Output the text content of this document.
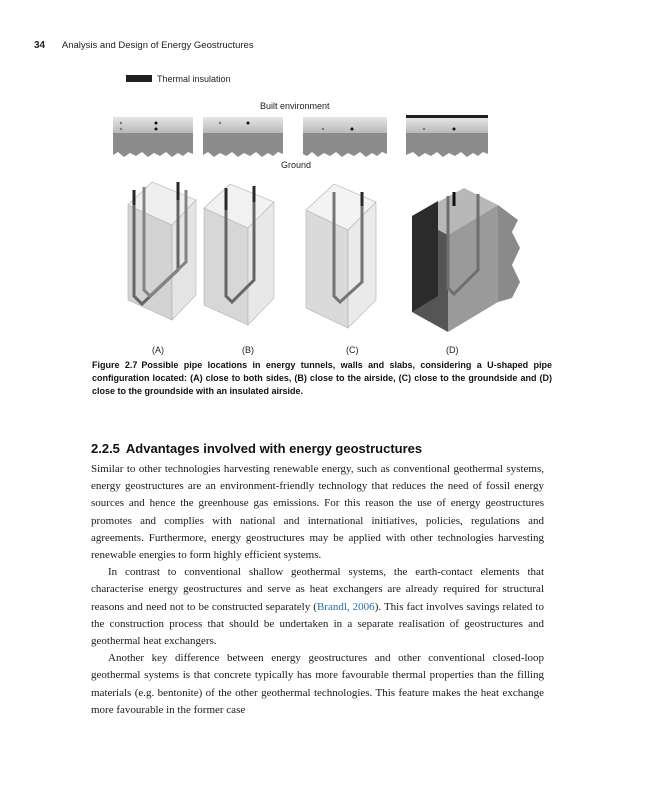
34 Analysis and Design of Energy Geostructures
Thermal insulation
Built environment
Ground
(A)	(B)	(C)	(D)
Figure 2.7 Possible pipe locations in energy tunnels, walls and slabs, considering a U-shaped pipe configuration located: (A) close to both sides, (B) close to the airside, (C) close to the groundside and (D) close to the groundside with an insulated airside.
2.2.5 Advantages involved with energy geostructures

Similar to other technologies harvesting renewable energy, such as conventional geothermal systems, energy geostructures are an environment-friendly technology that reduces the need of fossil energy sources and hence the greenhouse gas emissions. For this reason the use of energy geostructures promotes and complies with national and international initiatives, policies, regulations and agreements. Furthermore, energy geostructures may be applied with other technologies harvesting renewable energies to form highly efficient systems.

In contrast to conventional shallow geothermal systems, the earth-contact elements that characterise energy geostructures and serve as heat exchangers are already required for structural reasons and need not to be constructed separately (Brandl, 2006). This fact involves savings related to the construction process that should be undertaken in a separate realisation of geostructures and geothermal heat exchangers.

Another key difference between energy geostructures and other conventional closed-loop geothermal systems is that concrete typically has more favourable thermal properties than the filling materials (e.g. bentonite) of the other geothermal technologies. This feature makes the heat exchange more favourable in the former case
